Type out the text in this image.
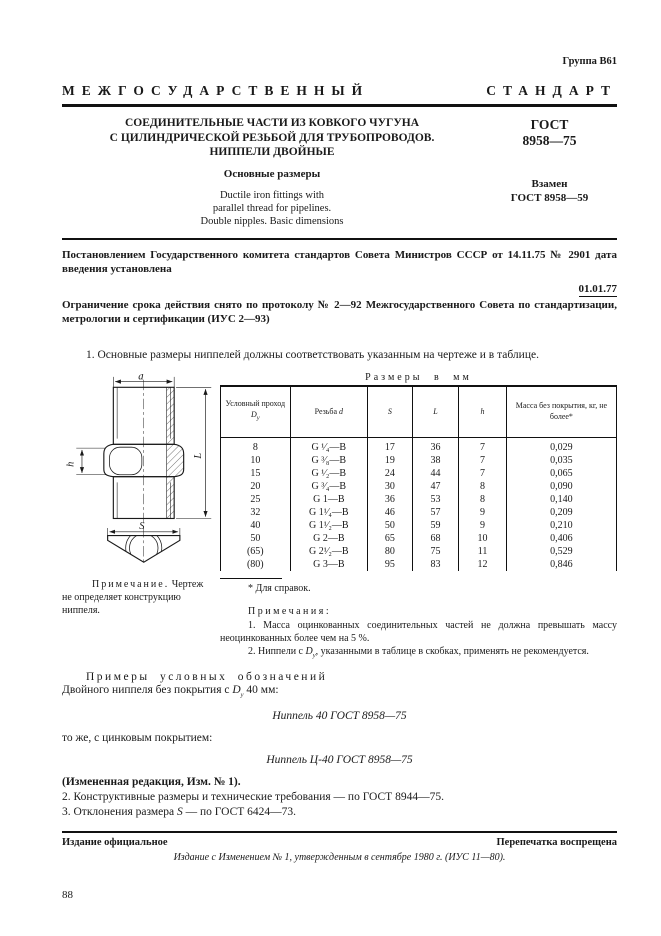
Группа В61
МЕЖГОСУДАРСТВЕННЫЙ	СТАНДАРТ
СОЕДИНИТЕЛЬНЫЕ ЧАСТИ ИЗ КОВКОГО ЧУГУНА
С ЦИЛИНДРИЧЕСКОЙ РЕЗЬБОЙ ДЛЯ ТРУБОПРОВОДОВ.
НИППЕЛИ ДВОЙНЫЕ
ГОСТ
8958—75
Основные размеры
Ductile iron fittings with
parallel thread for pipelines.
Double nipples. Basic dimensions
Взамен
ГОСТ 8958—59

Постановлением Государственного комитета стандартов Совета Министров СССР от 14.11.75 № 2901 дата введения установлена

01.01.77

Ограничение срока действия снято по протоколу № 2—92 Межгосударственного Совета по стандартизации, метрологии и сертификации (ИУС 2—93)

1. Основные размеры ниппелей должны соответствовать указанным на чертеже и в таблице.

d
h
L
S
Размеры в мм
Условный проход $D_у$	Резьба d	S	L	h	Масса без покрытия, кг, не более*
8	G ¹⁄₄—В	17	36	7	0,029
10	G ³⁄₈—В	19	38	7	0,035
15	G ¹⁄₂—В	24	44	7	0,065
20	G ³⁄₄—В	30	47	8	0,090
25	G 1—В	36	53	8	0,140
32	G 1¹⁄₄—В	46	57	9	0,209
40	G 1¹⁄₂—В	50	59	9	0,210
50	G 2—В	65	68	10	0,406
(65)	G 2¹⁄₂—В	80	75	11	0,529
(80)	G 3—В	95	83	12	0,846
Примечание. Чертеж не определяет конструкцию ниппеля.

* Для справок.

Примечания:

1. Масса оцинкованных соединительных частей не должна превышать массу неоцинкованных более чем на 5 %.

2. Ниппели с $D_у$, указанными в таблице в скобках, применять не рекомендуется.

Примеры условных обозначений

Двойного ниппеля без покрытия с $D_у$ 40 мм:

Ниппель 40 ГОСТ 8958—75

то же, с цинковым покрытием:

Ниппель Ц-40 ГОСТ 8958—75

(Измененная редакция, Изм. № 1).

2. Конструктивные размеры и технические требования — по ГОСТ 8944—75.

3. Отклонения размера S — по ГОСТ 6424—73.

Издание официальное	Перепечатка воспрещена

Издание с Изменением № 1, утвержденным в сентябре 1980 г. (ИУС 11—80).

88
